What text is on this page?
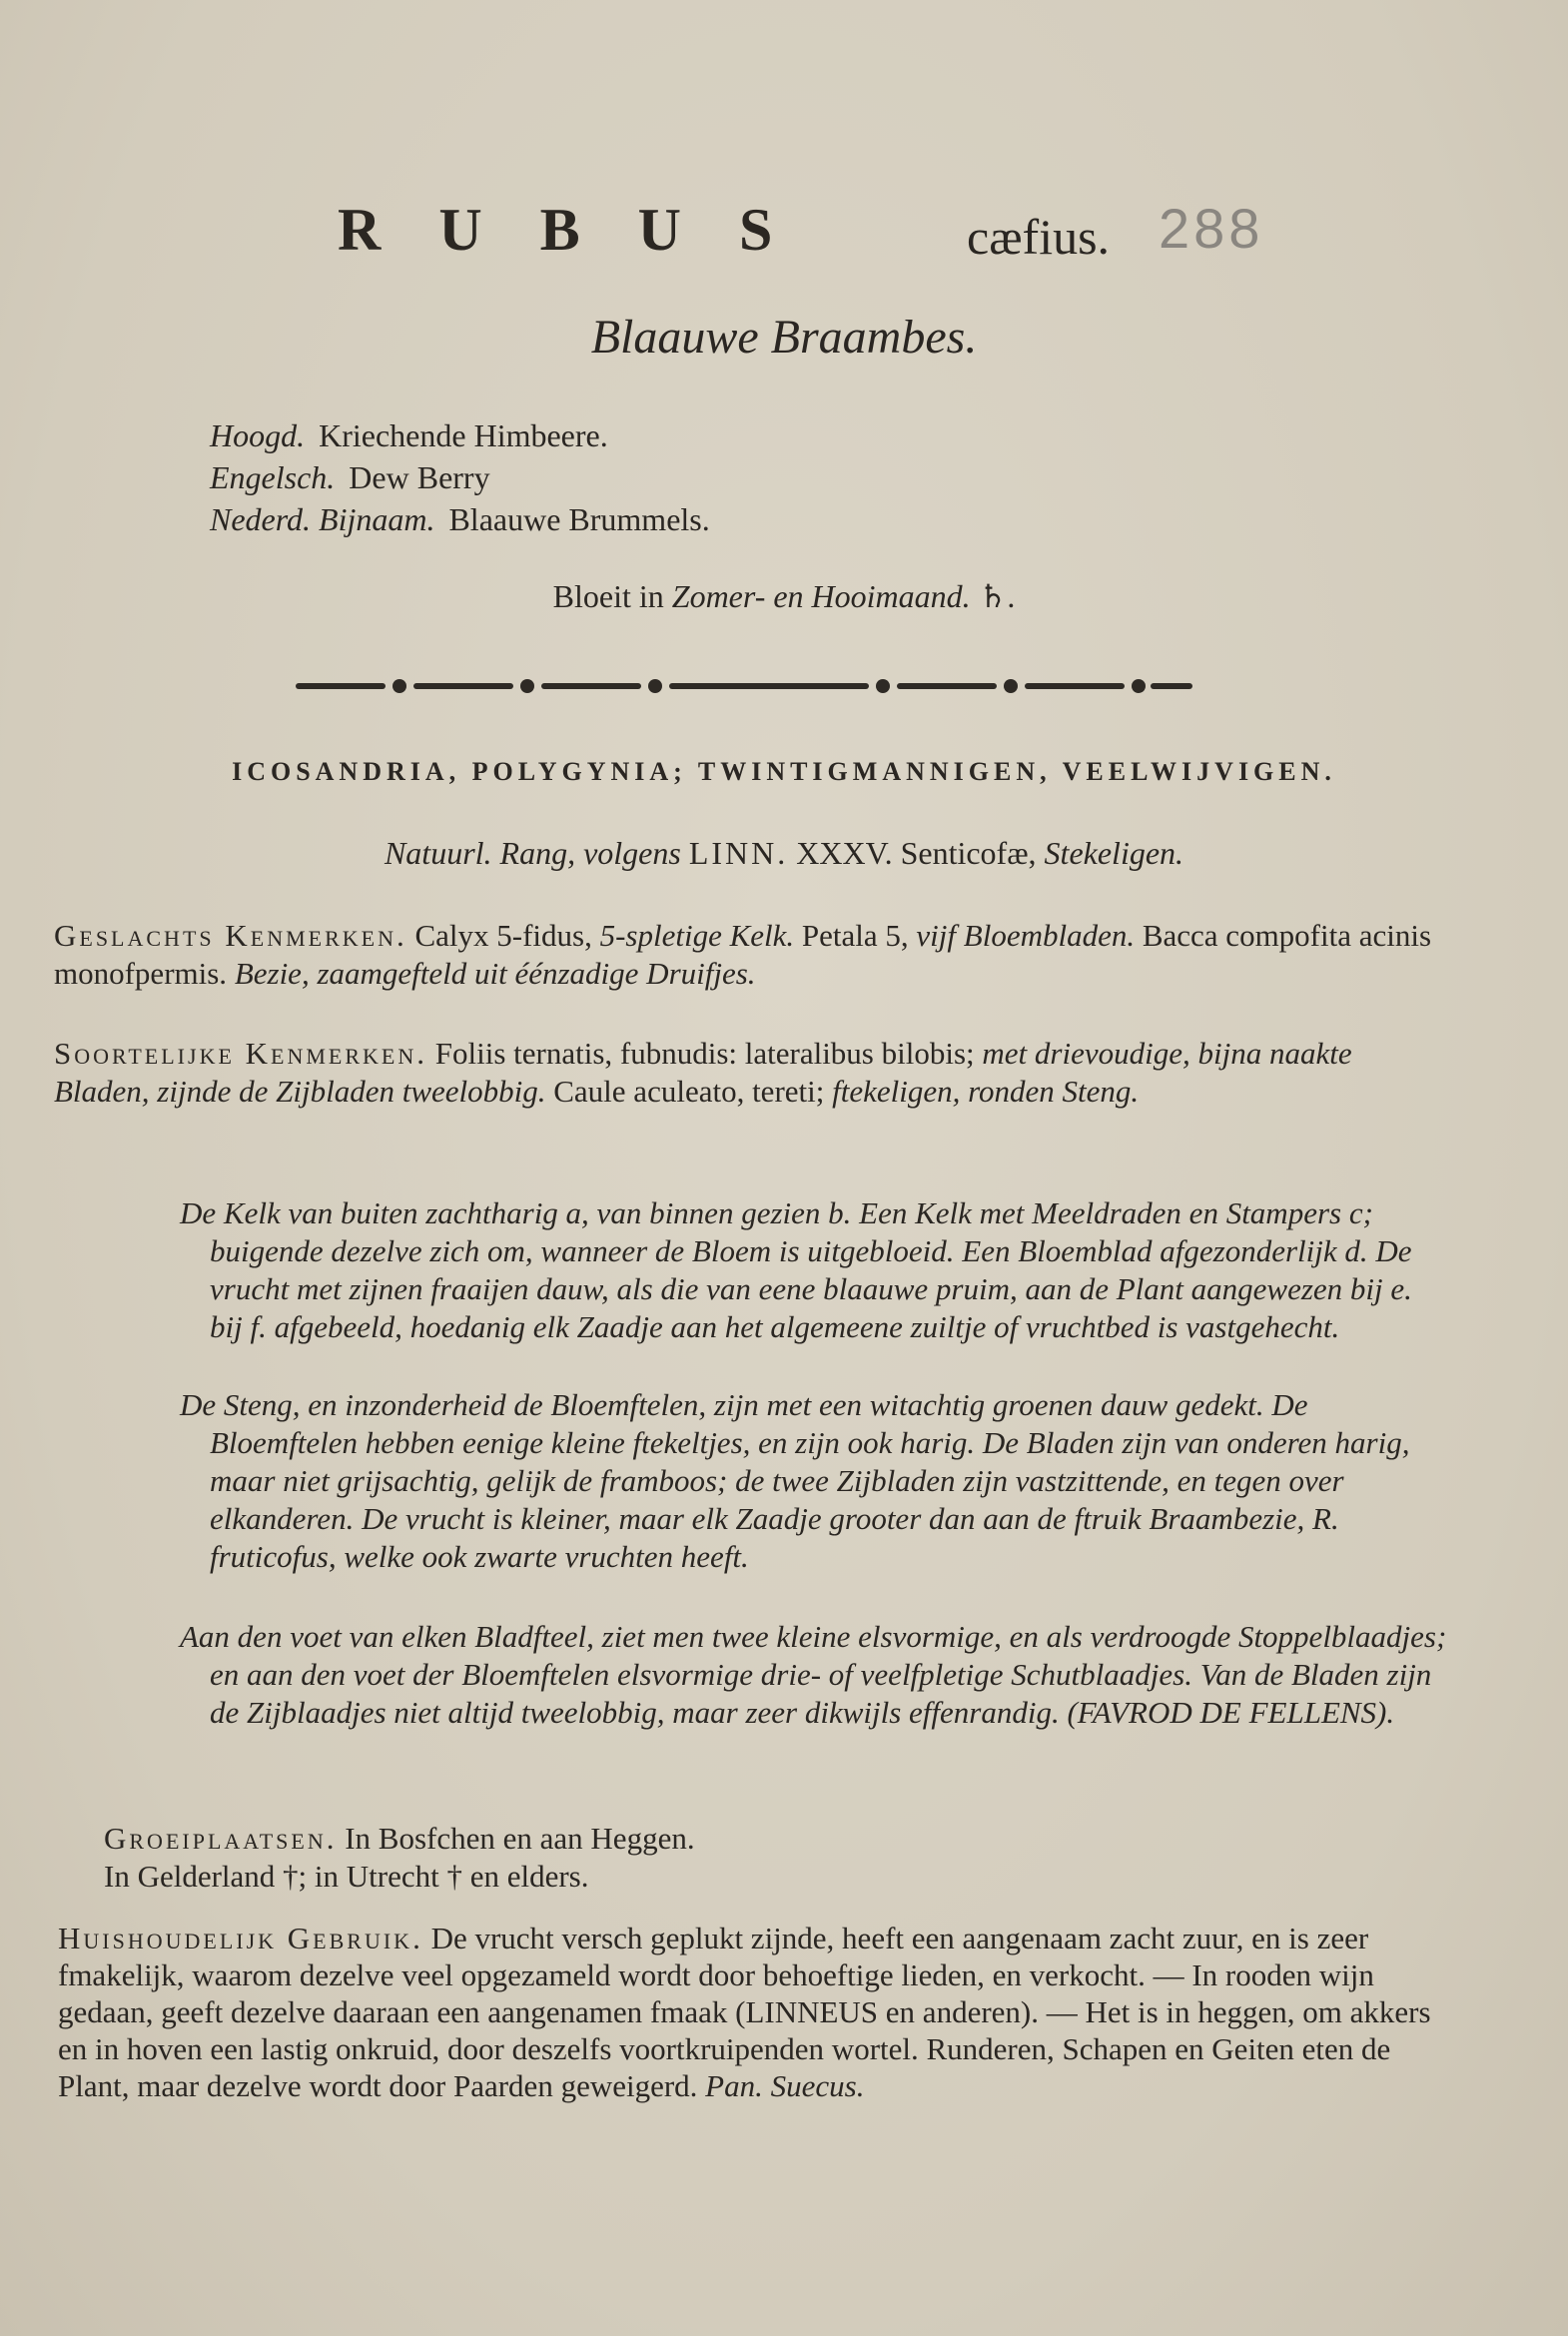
RUBUS	cæfius. 288
Blaauwe Braambes.
Hoogd. Kriechende Himbeere.
Engelsch. Dew Berry
Nederd. Bijnaam. Blaauwe Brummels.
Bloeit in Zomer- en Hooimaand. ♄.
ICOSANDRIA, POLYGYNIA; TWINTIGMANNIGEN, VEELWIJVIGEN.
Natuurl. Rang, volgens LINN. XXXV. Senticofæ, Stekeligen.
Geslachts Kenmerken. Calyx 5-fidus, 5-spletige Kelk. Petala 5, vijf Bloembladen. Bacca compofita acinis monofpermis. Bezie, zaamgefteld uit éénzadige Druifjes.
Soortelijke Kenmerken. Foliis ternatis, fubnudis: lateralibus bilobis; met drievoudige, bijna naakte Bladen, zijnde de Zijbladen tweelobbig. Caule aculeato, tereti; ftekeligen, ronden Steng.
De Kelk van buiten zachtharig a, van binnen gezien b. Een Kelk met Meeldraden en Stampers c; buigende dezelve zich om, wanneer de Bloem is uitgebloeid. Een Bloemblad afgezonderlijk d. De vrucht met zijnen fraaijen dauw, als die van eene blaauwe pruim, aan de Plant aangewezen bij e. bij f. afgebeeld, hoedanig elk Zaadje aan het algemeene zuiltje of vruchtbed is vastgehecht.
De Steng, en inzonderheid de Bloemftelen, zijn met een witachtig groenen dauw gedekt. De Bloemftelen hebben eenige kleine ftekeltjes, en zijn ook harig. De Bladen zijn van onderen harig, maar niet grijsachtig, gelijk de framboos; de twee Zijbladen zijn vastzittende, en tegen over elkanderen. De vrucht is kleiner, maar elk Zaadje grooter dan aan de ftruik Braambezie, R. fruticofus, welke ook zwarte vruchten heeft.
Aan den voet van elken Bladfteel, ziet men twee kleine elsvormige, en als verdroogde Stoppelblaadjes; en aan den voet der Bloemftelen elsvormige drie- of veelfpletige Schutblaadjes. Van de Bladen zijn de Zijblaadjes niet altijd tweelobbig, maar zeer dikwijls effenrandig. (FAVROD DE FELLENS).
Groeiplaatsen. In Bosfchen en aan Heggen.
In Gelderland †; in Utrecht † en elders.
Huishoudelijk Gebruik. De vrucht versch geplukt zijnde, heeft een aangenaam zacht zuur, en is zeer fmakelijk, waarom dezelve veel opgezameld wordt door behoeftige lieden, en verkocht. — In rooden wijn gedaan, geeft dezelve daaraan een aangenamen fmaak (LINNEUS en anderen). — Het is in heggen, om akkers en in hoven een lastig onkruid, door deszelfs voortkruipenden wortel. Runderen, Schapen en Geiten eten de Plant, maar dezelve wordt door Paarden geweigerd. Pan. Suecus.
